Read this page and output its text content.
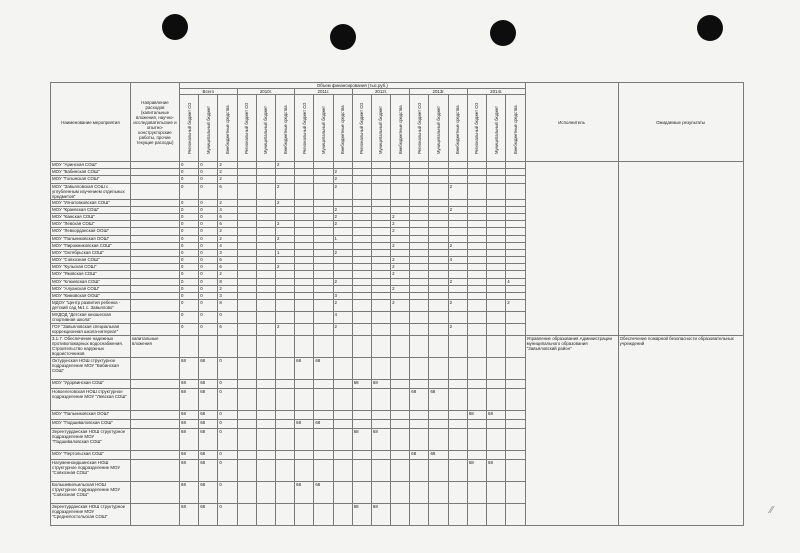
⁄⁄
Наименование мероприятия	Направление расходов (капитальные вложения, научно-исследовательские и опытно-конструкторские работы, прочие текущие расходы)	Объем финансирования (тыс.руб.)																		Исполнитель	Ожидаемые результаты
		Всего			2010г.			2011г.			2012г.			2013г.			2014г.				
		Региональный бюджет СО	Муниципальный бюджет	Внебюджетные средства	Региональный бюджет СО	Муниципальный бюджет	Внебюджетные средства	Региональный бюджет СО	Муниципальный бюджет	Внебюджетные средства	Региональный бюджет СО	Муниципальный бюджет	Внебюджетные средства	Региональный бюджет СО	Муниципальный бюджет	Внебюджетные средства	Региональный бюджет СО	Муниципальный бюджет	Внебюджетные средства		
МОУ "Аринская СОШ"		0	0	2			2														
МОУ "Бабинская СОШ"		0	0	2						2											
МОУ "Голынская СОШ"		0	0	2						2											
МОУ "Завьяловская СОШ с углубленным изучением отдельных предметов"		0	0	6			2			2						2					
МОУ "Игнатовковская СОШ"		0	0	2			2														
МОУ "Краевская СОШ"		0	0	4						2						2					
МОУ "Камская СОШ"		0	0	6						2			2								
МОУ "Левская СОШ"		0	0	6			2			2			2								
МОУ "Левкорданская ООШ"		0	0	2									2								
МОУ "Пальниковская ООШ"		0	0	2			2			1											
МОУ "Пирожниковская СОШ"		0	0	4									2			2					
МОУ "Октябрьская СОШ"		0	0	3			1			2											
МОУ "Совхозная СОШ"		0	0	6									2			4					
МОУ "Кульская СОШ"		0	0	6			2						2								
МОУ "Яковская СОШ"		0	0	2									2								
МОУ "Клюевская СОШ"		0	0	8						2						2			4		
МОУ "Алуанская СОШ"		0	0	2									2								
МОУ "Кимовская ООШ"		0	0	3						3											
МДОУ "Центр развития ребенка - детский сад №1 с. Завьялово"		0	0	8						2			2			2			2		
МУДОД "Детская юношеская спортивная школа"		0	0	0						4											
ГОУ "Завьяловская специальная коррекционная школа-интернат"		0	0	6			2			2						2					
3.1.7. Обеспечение надежных противопожарных водоснабжения. Строительство наружных водоисточников	капитальные вложения																			Управление образования Администрации муниципального образования "Завьяловский район"	Обеспечение пожарной безопасности образовательных учреждений
Октурунская НОШ структурное подразделение МОУ "Бабинская СОШ"		68	68	0				68	68												
МОУ "Удорвинская СОШ"		68	68	0							68	68									
Новоелеговская НОШ структурное подразделение МОУ "Левская СОШ"		68	68	0										68	68						
МОУ "Пальниковская ООШ"		68	68	0													68	68			
МОУ "Подшиваловская СОШ"		68	68	0				68	68												
Зерентурданская НОШ структурное подразделение МОУ "Подшиваловская СОШ"		68	68	0							68	68									
МОУ "Пертольская СОШ"		68	68	0										68	68						
Нагуменноидшинская НОШ структурное подразделение МОУ "Совхозная СОШ"		68	68	0													68	68			
Большевильильская НОШ структурное подразделение МОУ "Совхозная СОШ"		68	68	0				68	68												
Зерентурданская НОШ структурное подразделение МОУ "Среднепостольская СОШ"		68	68	0							68	68									
